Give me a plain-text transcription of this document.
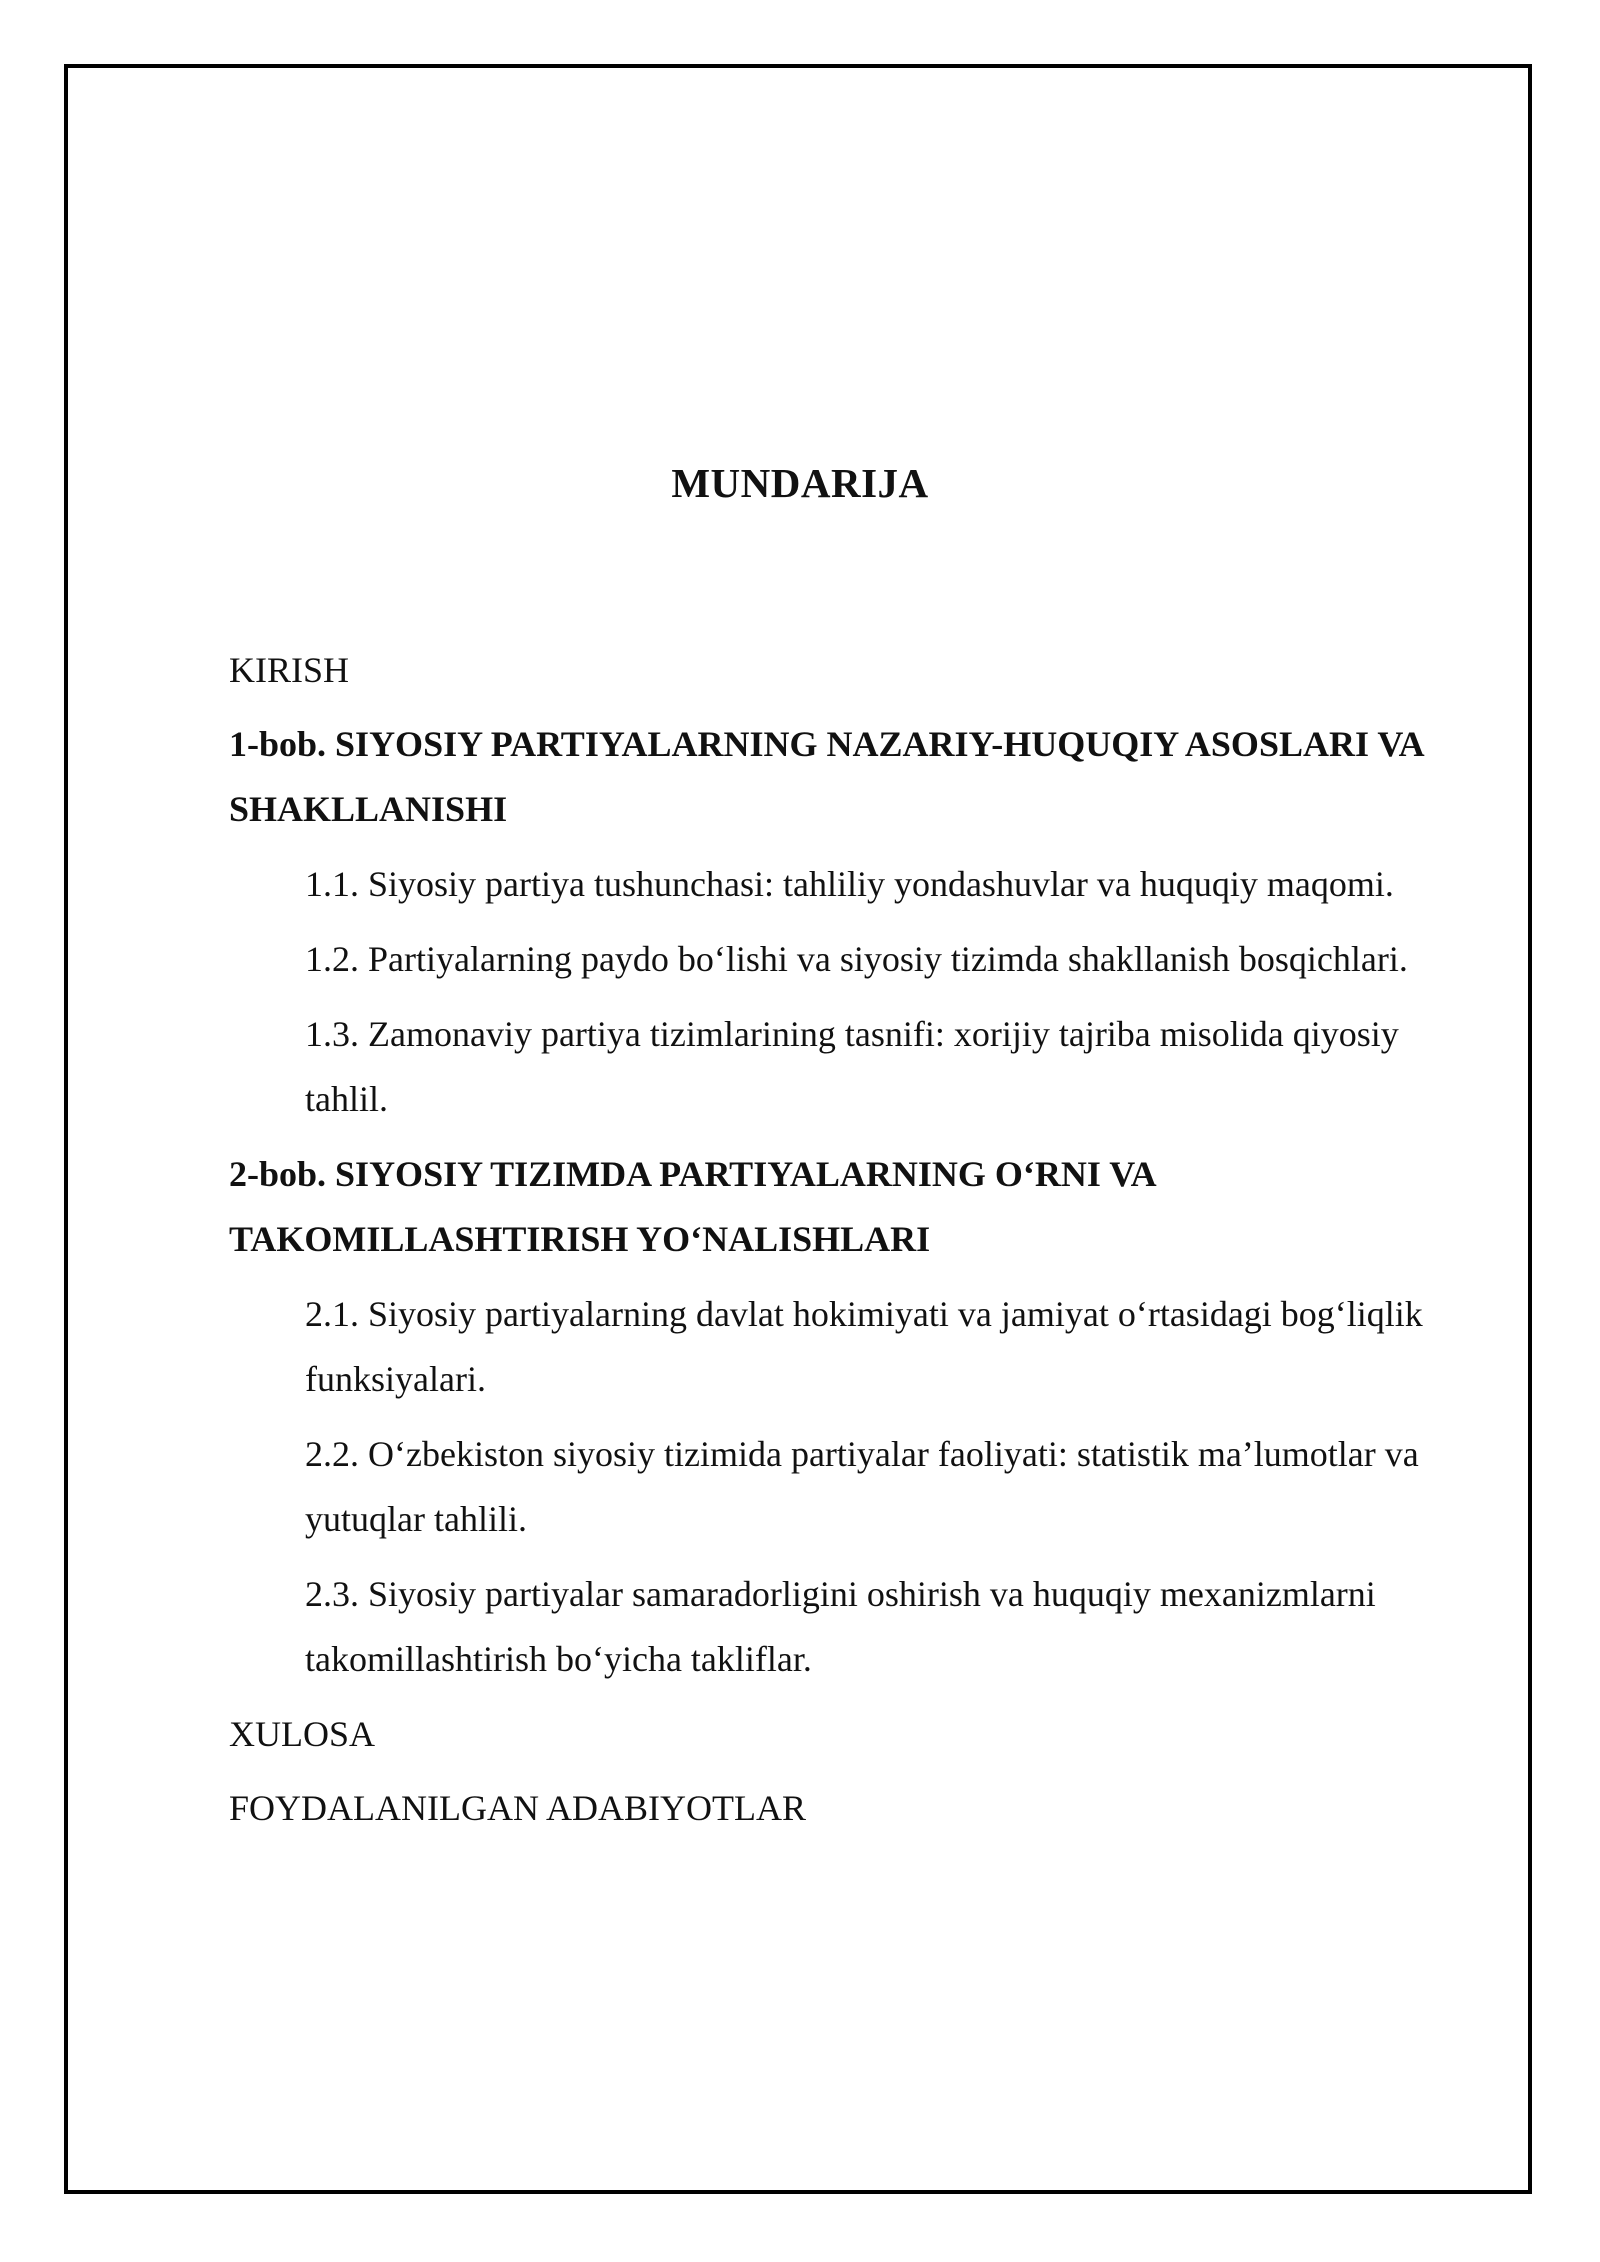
MUNDARIJA

KIRISH

1-bob. SIYOSIY PARTIYALARNING NAZARIY-HUQUQIY ASOSLARI VA SHAKLLANISHI

1.1. Siyosiy partiya tushunchasi: tahliliy yondashuvlar va huquqiy maqomi.

1.2. Partiyalarning paydo bo‘lishi va siyosiy tizimda shakllanish bosqichlari.

1.3. Zamonaviy partiya tizimlarining tasnifi: xorijiy tajriba misolida qiyosiy tahlil.

2-bob. SIYOSIY TIZIMDA PARTIYALARNING O‘RNI VA TAKOMILLASHTIRISH YO‘NALISHLARI

2.1. Siyosiy partiyalarning davlat hokimiyati va jamiyat o‘rtasidagi bog‘liqlik funksiyalari.

2.2. O‘zbekiston siyosiy tizimida partiyalar faoliyati: statistik ma’lumotlar va yutuqlar tahlili.

2.3. Siyosiy partiyalar samaradorligini oshirish va huquqiy mexanizmlarni takomillashtirish bo‘yicha takliflar.

XULOSA

FOYDALANILGAN ADABIYOTLAR
